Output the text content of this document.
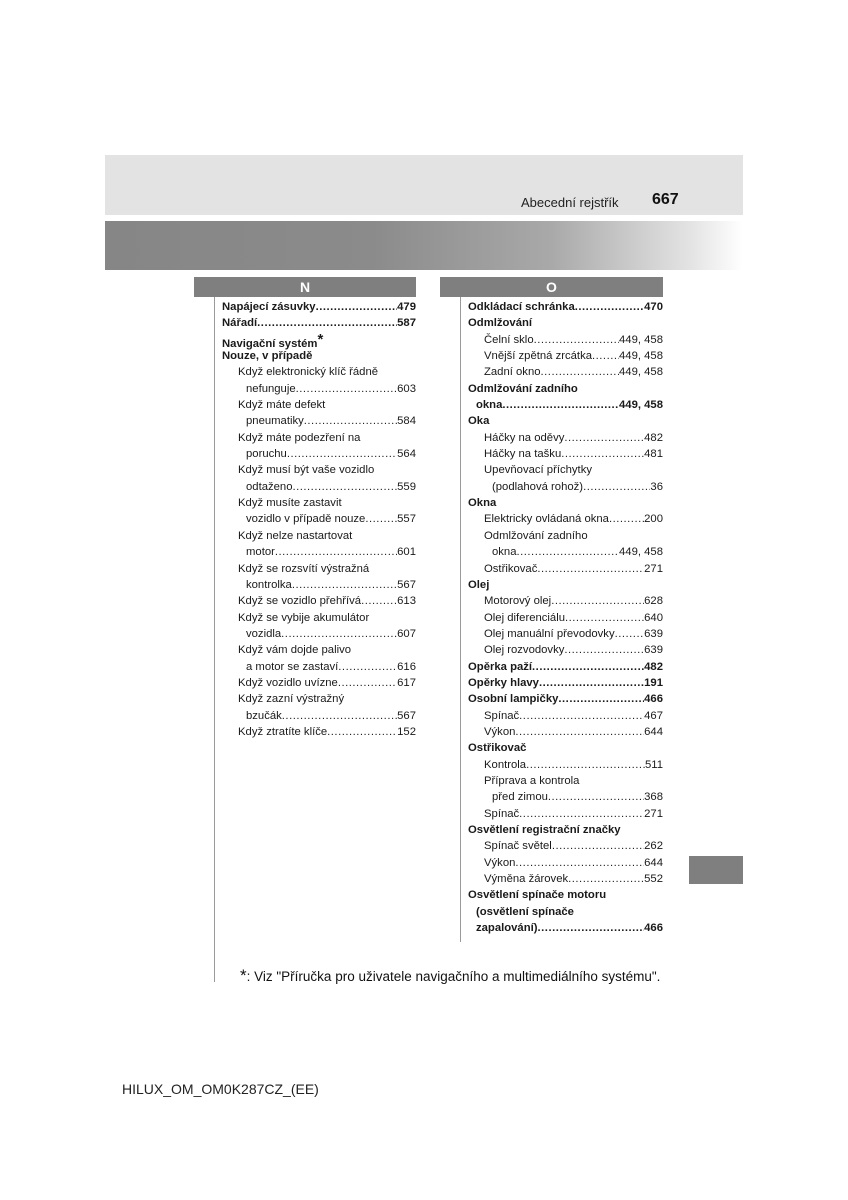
Abecední rejstřík 667
N	O
Napájecí zásuvky .....	479
Nářadí .....	587
Navigační systém*
Nouze, v případě
Když elektronický klíč řádně
nefunguje .....	603
Když máte defekt
pneumatiky .....	584
Když máte podezření na
poruchu .....	564
Když musí být vaše vozidlo
odtaženo .....	559
Když musíte zastavit
vozidlo v případě nouze .....	557
Když nelze nastartovat
motor .....	601
Když se rozsvítí výstražná
kontrolka .....	567
Když se vozidlo přehřívá .....	613
Když se vybije akumulátor
vozidla .....	607
Když vám dojde palivo
a motor se zastaví .....	616
Když vozidlo uvízne .....	617
Když zazní výstražný
bzučák .....	567
Když ztratíte klíče .....	152
Odkládací schránka .....	470
Odmlžování
Čelní sklo .....	449, 458
Vnější zpětná zrcátka ..... 449, 458
Zadní okno .....	449, 458
Odmlžování zadního
okna .....	449, 458
Oka
Háčky na oděvy .....	482
Háčky na tašku .....	481
Upevňovací příchytky
(podlahová rohož) .....	36
Okna
Elektricky ovládaná okna .....	200
Odmlžování zadního
okna .....	449, 458
Ostřikovač .....	271
Olej
Motorový olej .....	628
Olej diferenciálu .....	640
Olej manuální převodovky .....	639
Olej rozvodovky .....	639
Opěrka paží .....	482
Opěrky hlavy .....	191
Osobní lampičky .....	466
Spínač .....	467
Výkon .....	644
Ostřikovač
Kontrola .....	511
Příprava a kontrola
před zimou .....	368
Spínač .....	271
Osvětlení registrační značky
Spínač světel .....	262
Výkon .....	644
Výměna žárovek .....	552
Osvětlení spínače motoru
(osvětlení spínače
zapalování) .....	466
*: Viz "Příručka pro uživatele navigačního a multimediálního systému".
HILUX_OM_OM0K287CZ_(EE)
